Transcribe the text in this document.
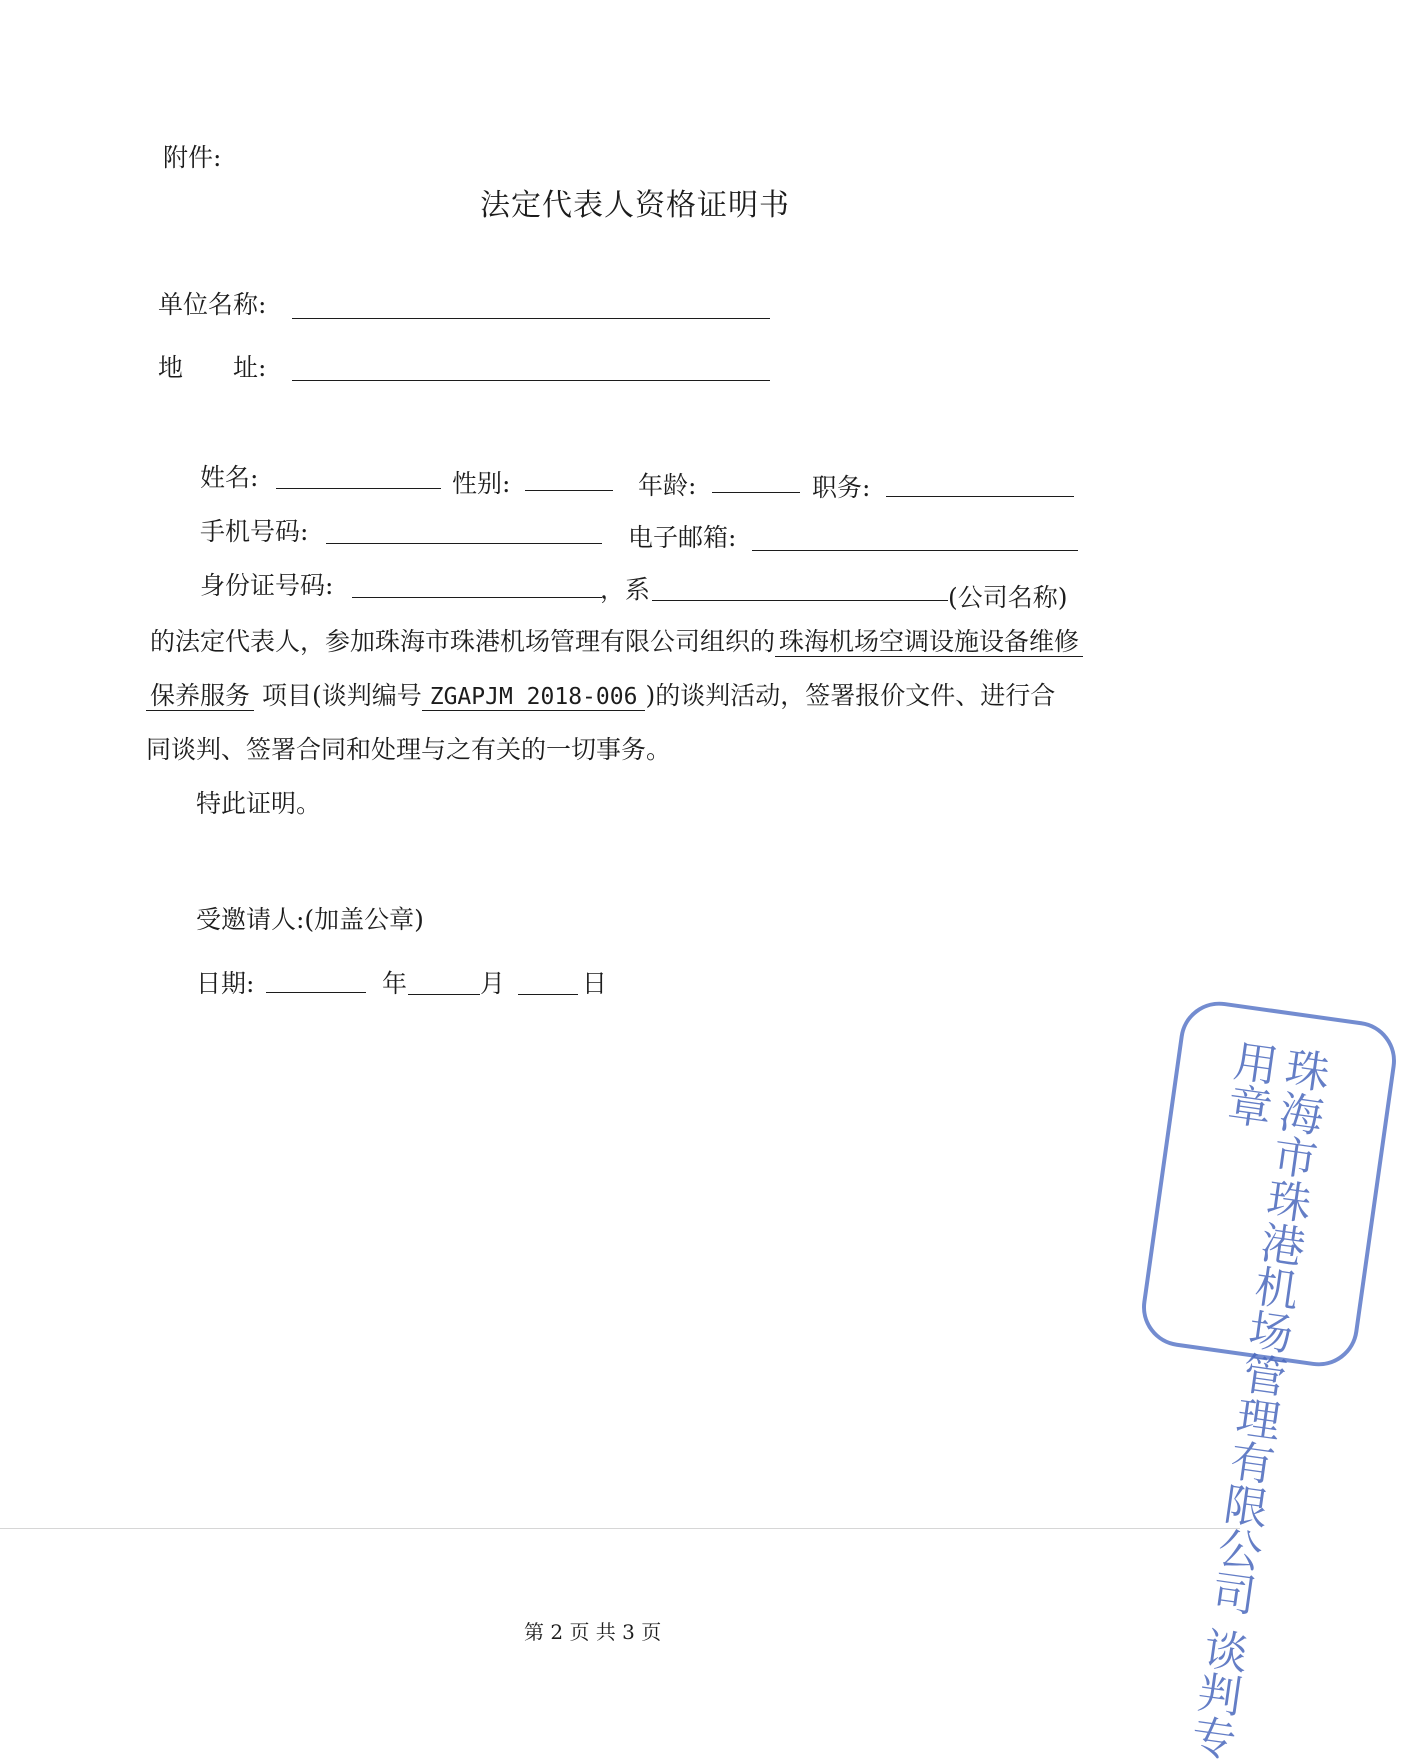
附件:
法定代表人资格证明书
单位名称:
地　　址:
姓名:	性别:	年龄:	职务:
手机号码:	电子邮箱:
身份证号码:	，系	(公司名称)
的法定代表人，参加珠海市珠港机场管理有限公司组织的 珠海机场空调设施设备维修
保养服务 项目(谈判编号 ZGAPJM 2018-006 )的谈判活动，签署报价文件、进行合
同谈判、签署合同和处理与之有关的一切事务。
特此证明。
受邀请人:(加盖公章)
日期:	年	月	日
珠海市珠港机场管理有限公司 谈判专用章
第 2 页 共 3 页
